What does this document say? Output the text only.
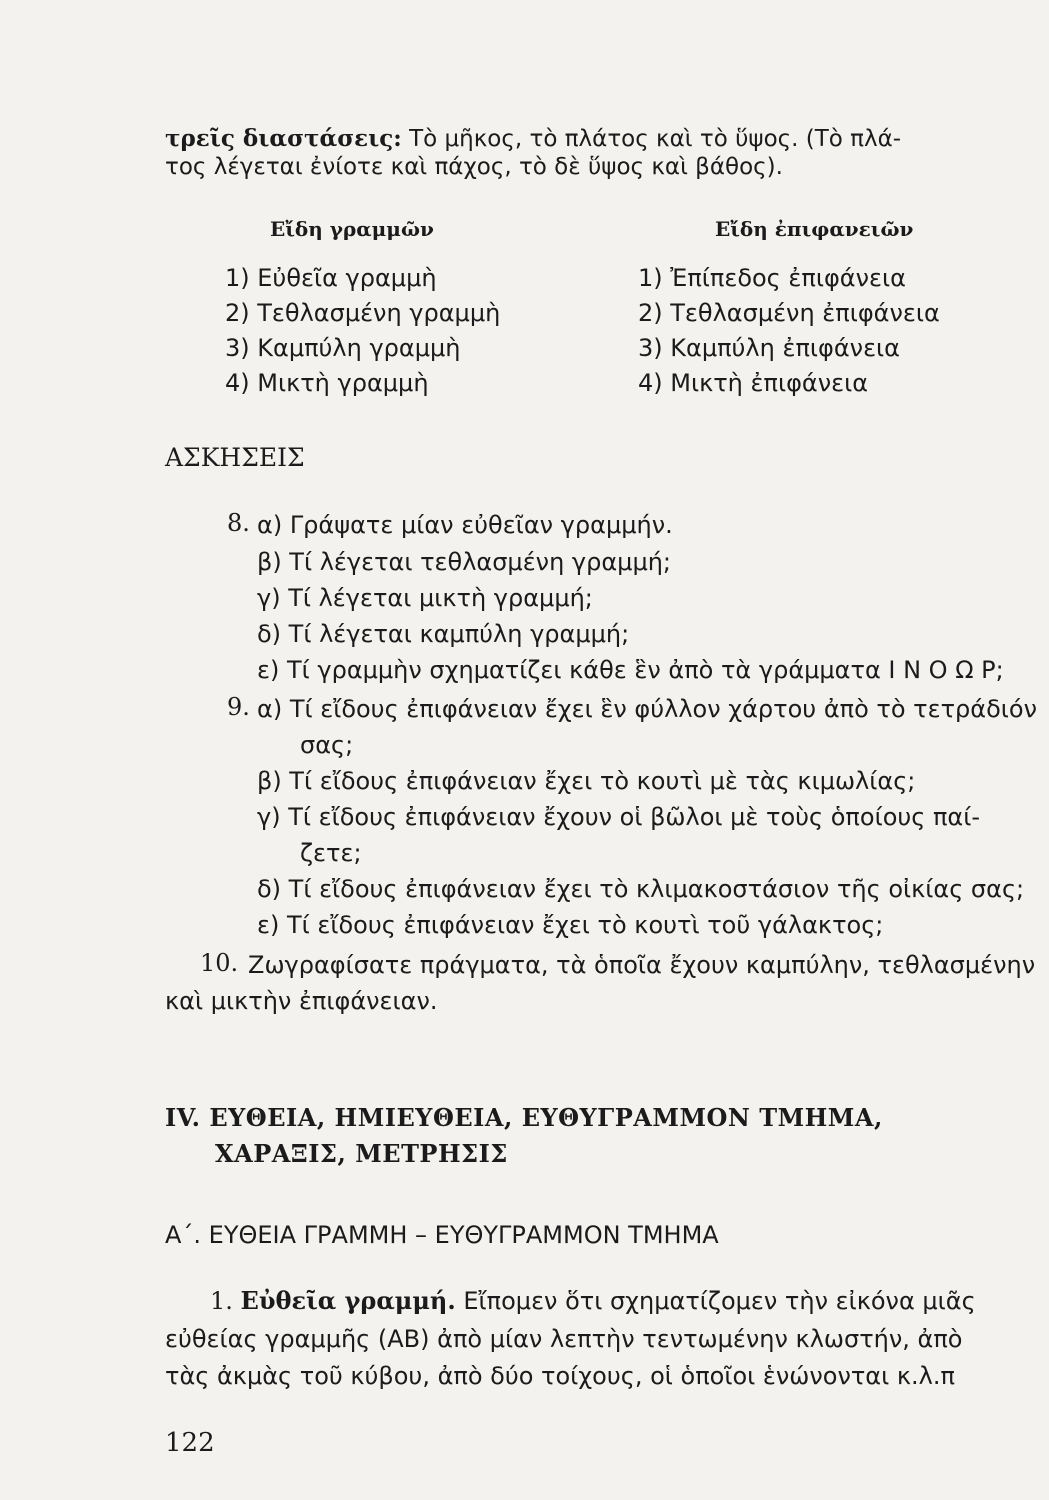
τρεῖς διαστάσεις: Τὸ μῆκος, τὸ πλάτος καὶ τὸ ὕψος. (Τὸ πλά-
τος λέγεται ἐνίοτε καὶ πάχος, τὸ δὲ ὕψος καὶ βάθος).
Εἴδη γραμμῶν	Εἴδη ἐπιφανειῶν
1) Εὐθεῖα γραμμὴ
2) Τεθλασμένη γραμμὴ
3) Καμπύλη γραμμὴ
4) Μικτὴ γραμμὴ
1) Ἐπίπεδος ἐπιφάνεια
2) Τεθλασμένη ἐπιφάνεια
3) Καμπύλη ἐπιφάνεια
4) Μικτὴ ἐπιφάνεια
ΑΣΚΗΣΕΙΣ
8. α) Γράψατε μίαν εὐθεῖαν γραμμήν.
β) Τί λέγεται τεθλασμένη γραμμή;
γ) Τί λέγεται μικτὴ γραμμή;
δ) Τί λέγεται καμπύλη γραμμή;
ε) Τί γραμμὴν σχηματίζει κάθε ἓν ἀπὸ τὰ γράμματα Ι Ν Ο Ω Ρ;
9. α) Τί εἴδους ἐπιφάνειαν ἔχει ἓν φύλλον χάρτου ἀπὸ τὸ τετράδιόν
σας;
β) Τί εἴδους ἐπιφάνειαν ἔχει τὸ κουτὶ μὲ τὰς κιμωλίας;
γ) Τί εἴδους ἐπιφάνειαν ἔχουν οἱ βῶλοι μὲ τοὺς ὁποίους παί-
ζετε;
δ) Τί εἴδους ἐπιφάνειαν ἔχει τὸ κλιμακοστάσιον τῆς οἰκίας σας;
ε) Τί εἴδους ἐπιφάνειαν ἔχει τὸ κουτὶ τοῦ γάλακτος;
10. Ζωγραφίσατε πράγματα, τὰ ὁποῖα ἔχουν καμπύλην, τεθλασμένην
καὶ μικτὴν ἐπιφάνειαν.
IV. ΕΥΘΕΙΑ, ΗΜΙΕΥΘΕΙΑ, ΕΥΘΥΓΡΑΜΜΟΝ ΤΜΗΜΑ,
ΧΑΡΑΞΙΣ, ΜΕΤΡΗΣΙΣ
Α΄. ΕΥΘΕΙΑ ΓΡΑΜΜΗ – ΕΥΘΥΓΡΑΜΜΟΝ ΤΜΗΜΑ
1. Εὐθεῖα γραμμή. Εἴπομεν ὅτι σχηματίζομεν τὴν εἰκόνα μιᾶς
εὐθείας γραμμῆς (ΑΒ) ἀπὸ μίαν λεπτὴν τεντωμένην κλωστήν, ἀπὸ
τὰς ἀκμὰς τοῦ κύβου, ἀπὸ δύο τοίχους, οἱ ὁποῖοι ἑνώνονται κ.λ.π
122
